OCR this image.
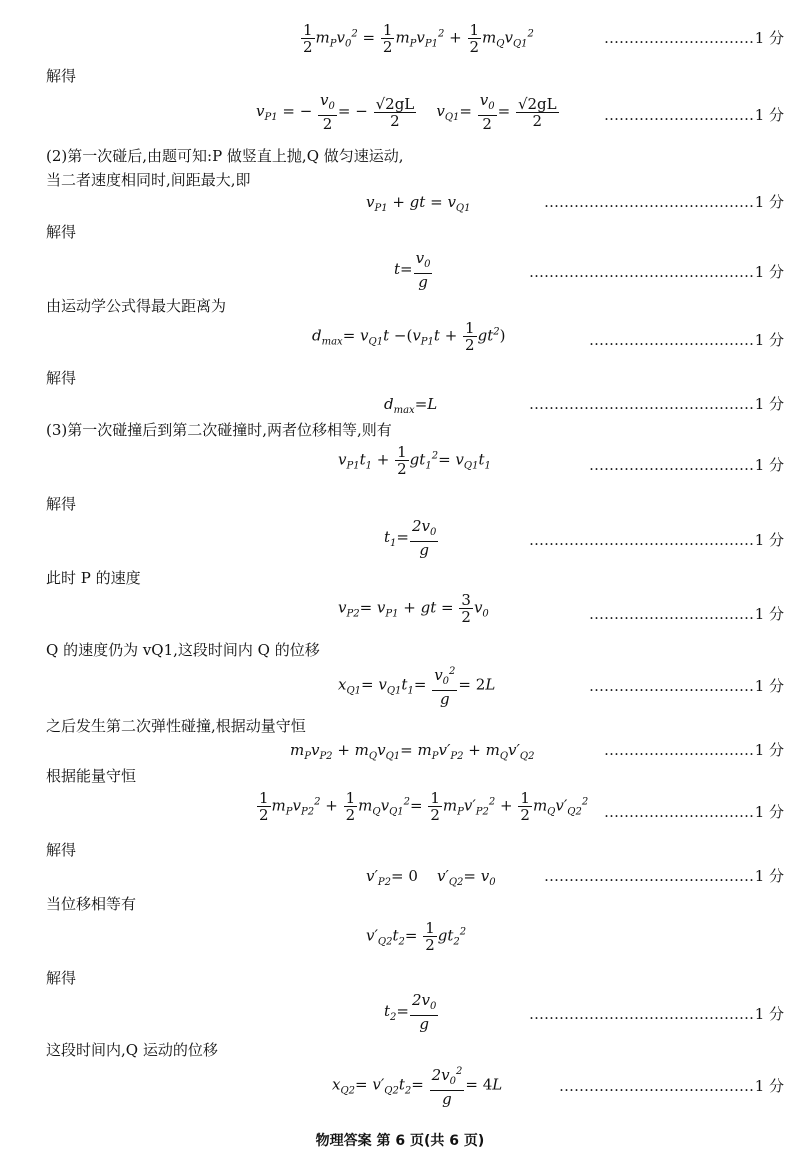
$\frac{1}{2} m_Pv_0^2 = \frac{1}{2} m_Pv_{P1}^2 + \frac{1}{2} m_Qv_{Q1}^2$	………………………… 1 分
解得
$v_{P1}$ = − $\frac{v_0}{2}$ = − $\frac{√2gL}{2} v_{Q1}= \frac{v_0}{2} = \frac{√2gL}{2}$	………………………… 1 分
(2)第一次碰后,由题可知:P 做竖直上抛,Q 做匀速运动,
当二者速度相同时,间距最大,即
$v_{P1}$ + gt = $v_{Q1}$	…………………………………… 1 分
解得
$t= \frac{v_0}{g}$	……………………………………… 1 分
由运动学公式得最大距离为
$d_{max}= v_{Q1}t -(v_{P1}t + \frac{1}{2} gt^2)$	…………………………… 1 分
解得
$d_{max}=L$	……………………………………… 1 分
(3)第一次碰撞后到第二次碰撞时,两者位移相等,则有
$v_{P1}t_1 + \frac{1}{2} gt_1^2= v_{Q1}t_1$	…………………………… 1 分
解得
$t_1= \frac{2v_0}{g}$	……………………………………… 1 分
此时 P 的速度
$v_{P2}= v_{P1}$ + gt = $\frac{3}{2} v_0$	…………………………… 1 分
Q 的速度仍为 vQ1,这段时间内 Q 的位移
$x_{Q1}= v_{Q1}t_1= \frac{v_0^2}{g} = 2L$	…………………………… 1 分
之后发生第二次弹性碰撞,根据动量守恒
$m_Pv_{P2} + m_Qv_{Q1}= m_Pv'_{P2} + m_Qv'_{Q2}$	………………………… 1 分
根据能量守恒
$\frac{1}{2} m_Pv_{P2}^2 + \frac{1}{2} m_Qv_{Q1}^2= \frac{1}{2} m_Pv'_{P2}^2 + \frac{1}{2} m_Qv'_{Q2}^2$
………………………… 1 分
解得
$v'_{P2}= 0$    $v'_{Q2}= v_0$	…………………………………… 1 分
当位移相等有
$v'_{Q2}t_2= \frac{1}{2} gt_2^2$
解得
$t_2= \frac{2v_0}{g}$	……………………………………… 1 分
这段时间内,Q 运动的位移
$x_{Q2}= v'_{Q2}t_2= \frac{2v_0^2}{g} = 4L$	………………………………… 1 分
物理答案 第 6 页(共 6 页)
